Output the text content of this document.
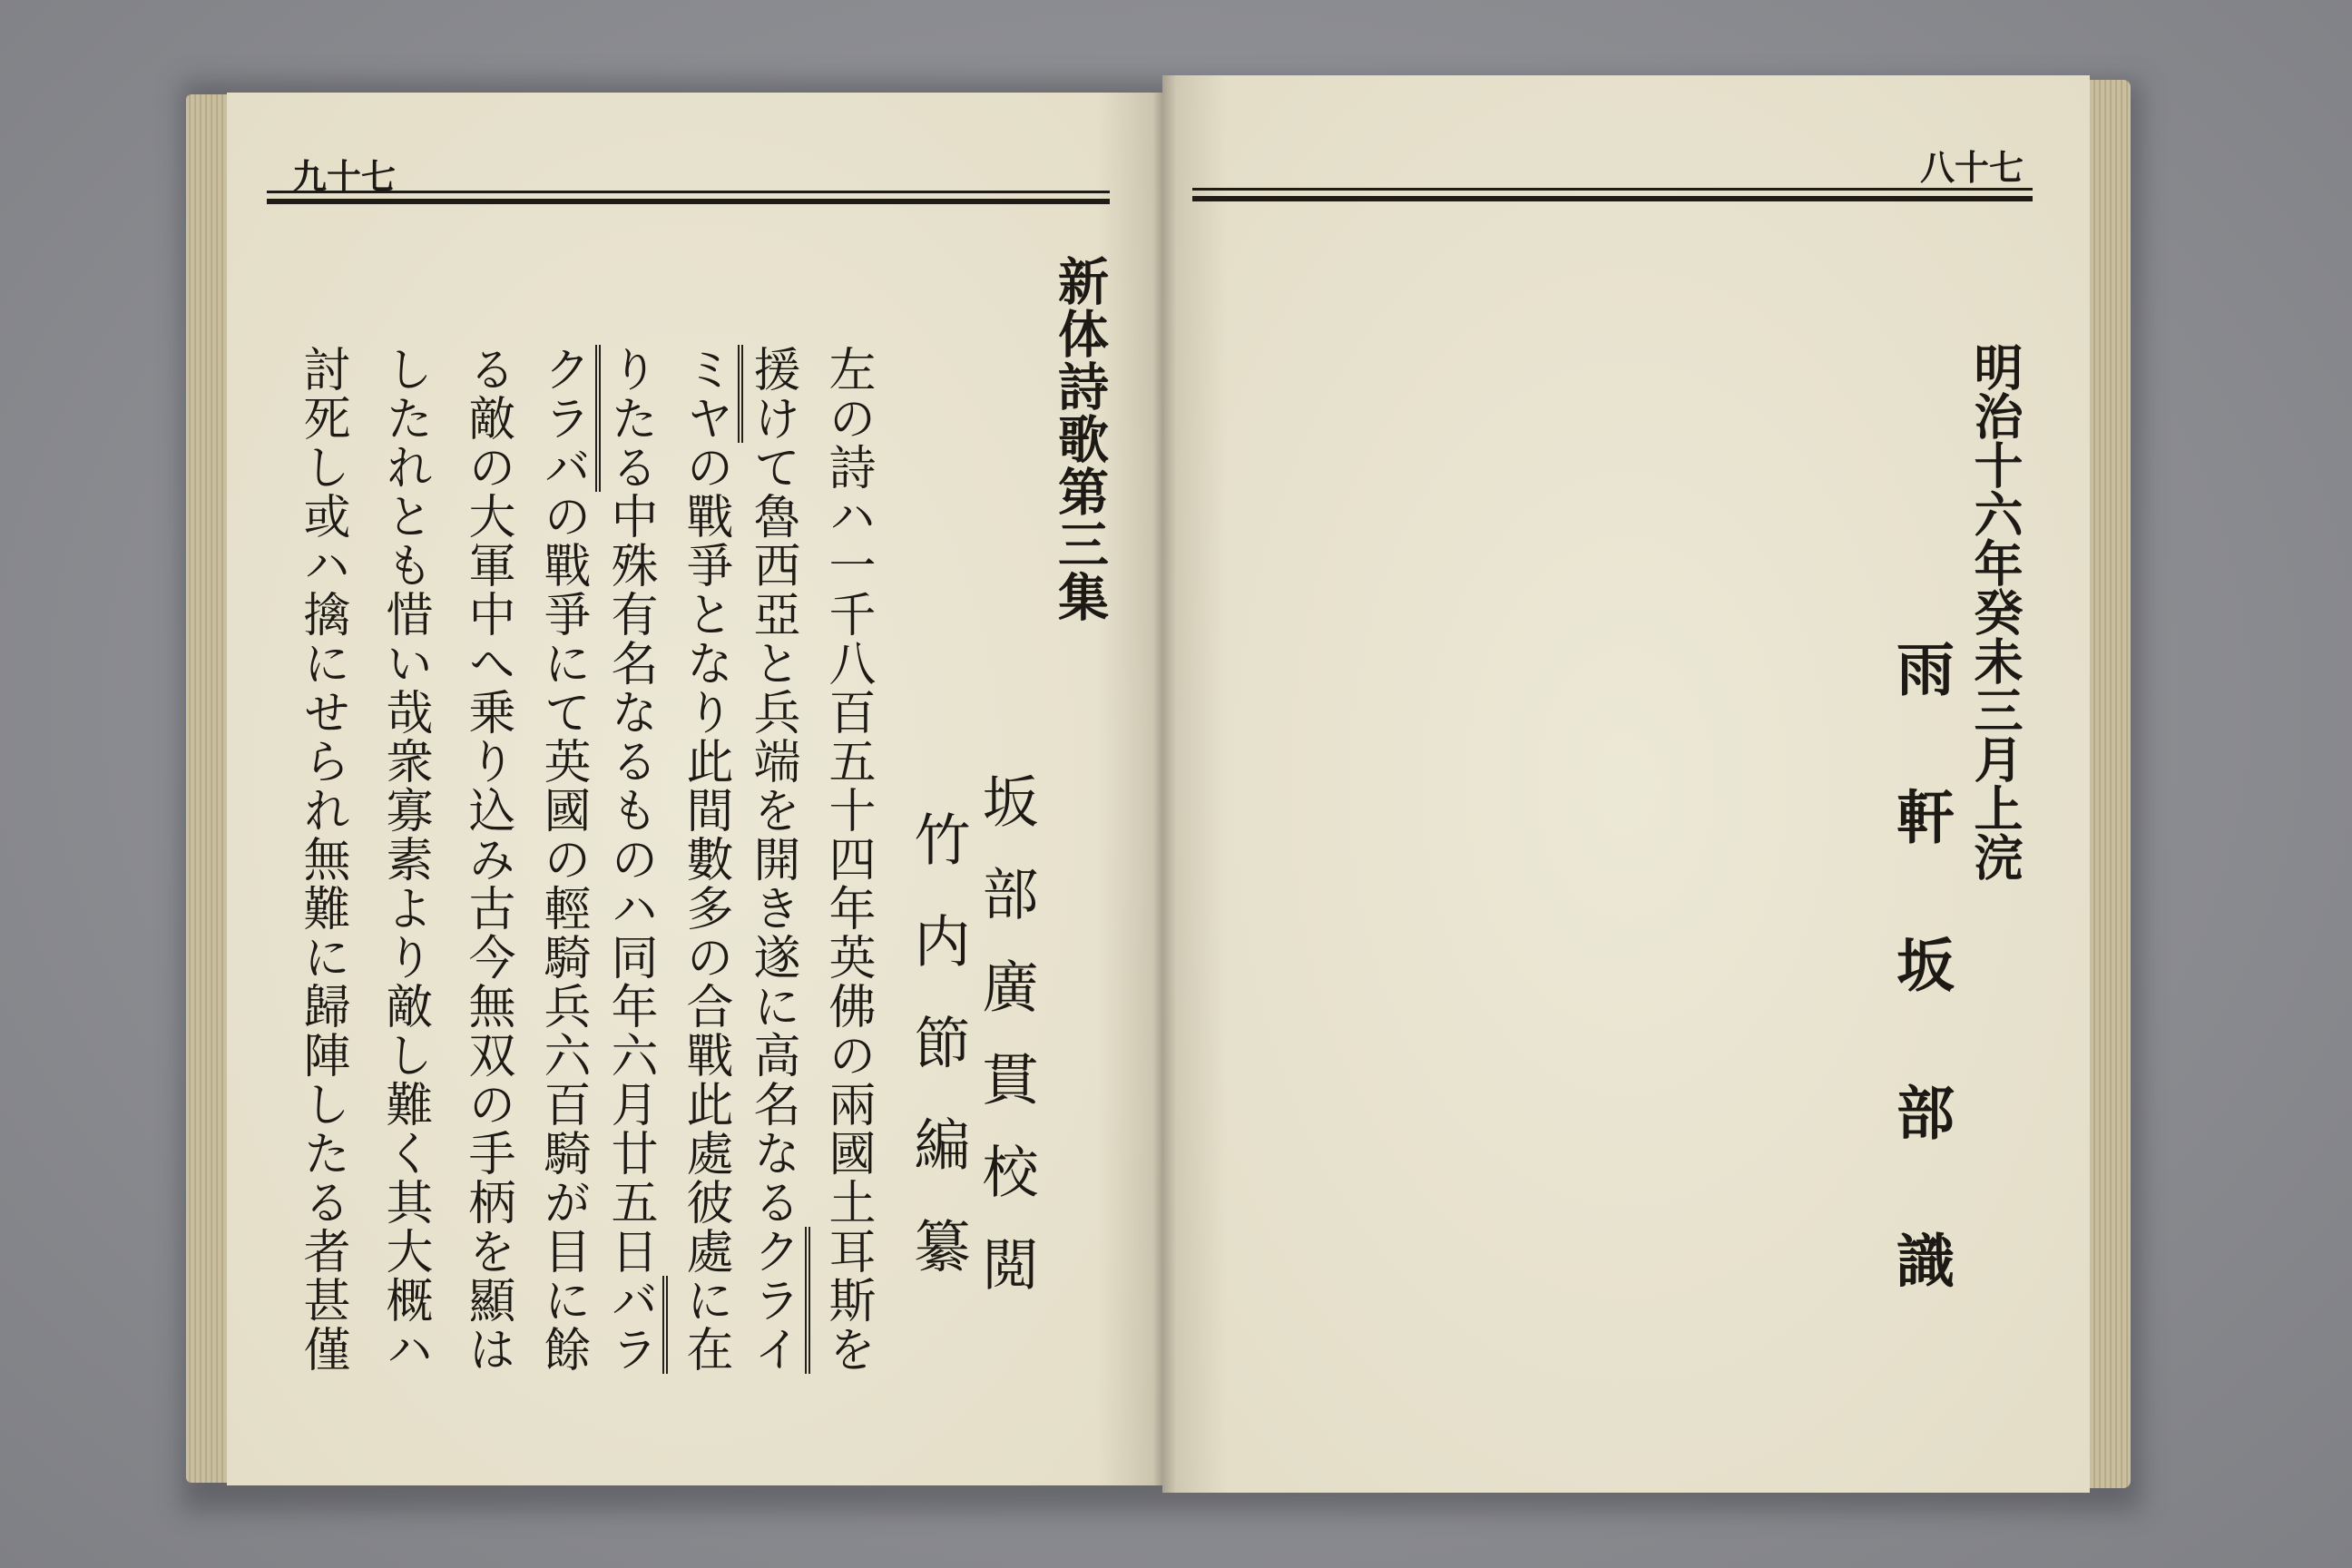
九十七
新体詩歌第三集
坂部廣貫校閲
竹内節編纂
左の詩ハ一千八百五十四年英佛の兩國土耳斯を
援けて魯西亞と兵端を開き遂に高名なるクライ
ミヤの戰爭となり此間數多の合戰此處彼處に在
りたる中殊有名なるものハ同年六月廿五日バラ
クラバの戰爭にて英國の輕騎兵六百騎が目に餘
る敵の大軍中へ乗り込み古今無双の手柄を顯は
したれとも惜い哉衆寡素より敵し難く其大概ハ
討死し或ハ擒にせられ無難に歸陣したる者甚僅
八十七
明治十六年癸未三月上浣
雨軒坂部識
